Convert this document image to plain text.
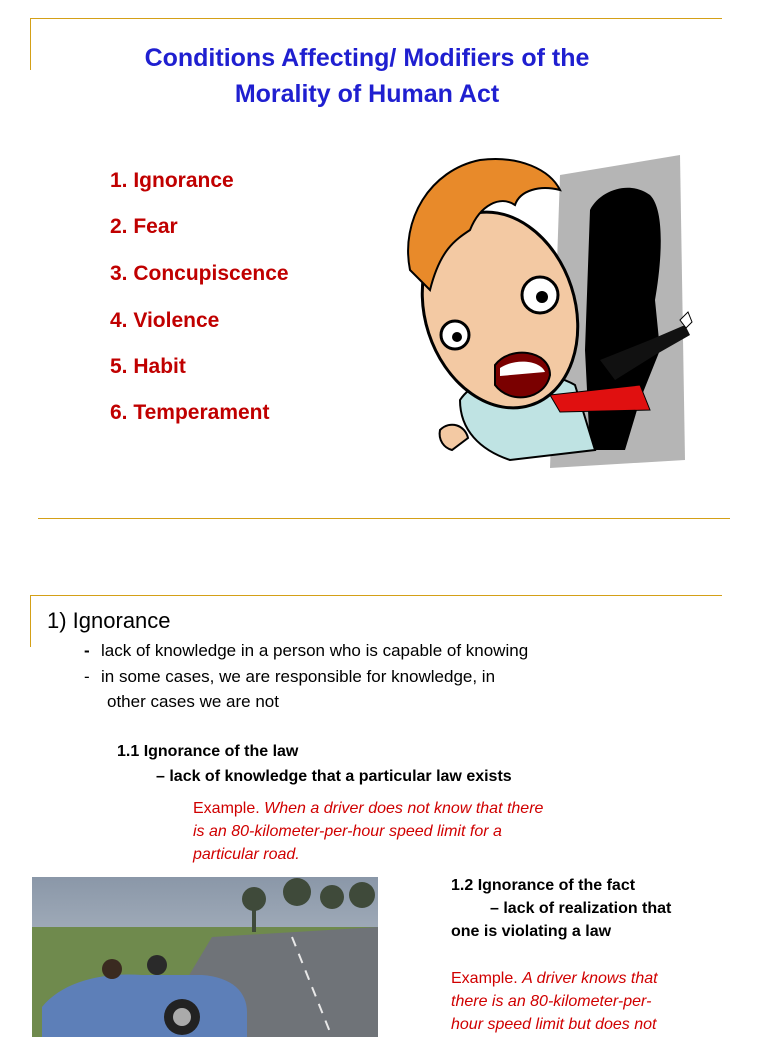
Conditions Affecting/ Modifiers of the
Morality of Human Act
1. Ignorance
2. Fear
3. Concupiscence
4. Violence
5. Habit
6. Temperament
1) Ignorance
- lack of knowledge in a person who is capable of knowing
- in some cases, we are responsible for knowledge, in
other cases we are not
1.1 Ignorance of the law
– lack of knowledge that a particular law exists
Example. When a driver does not know that there
is an 80-kilometer-per-hour speed limit for a
particular road.
1.2 Ignorance of the fact
– lack of realization that
one is violating a law
Example. A driver knows that
there is an 80-kilometer-per-
hour speed limit but does not
